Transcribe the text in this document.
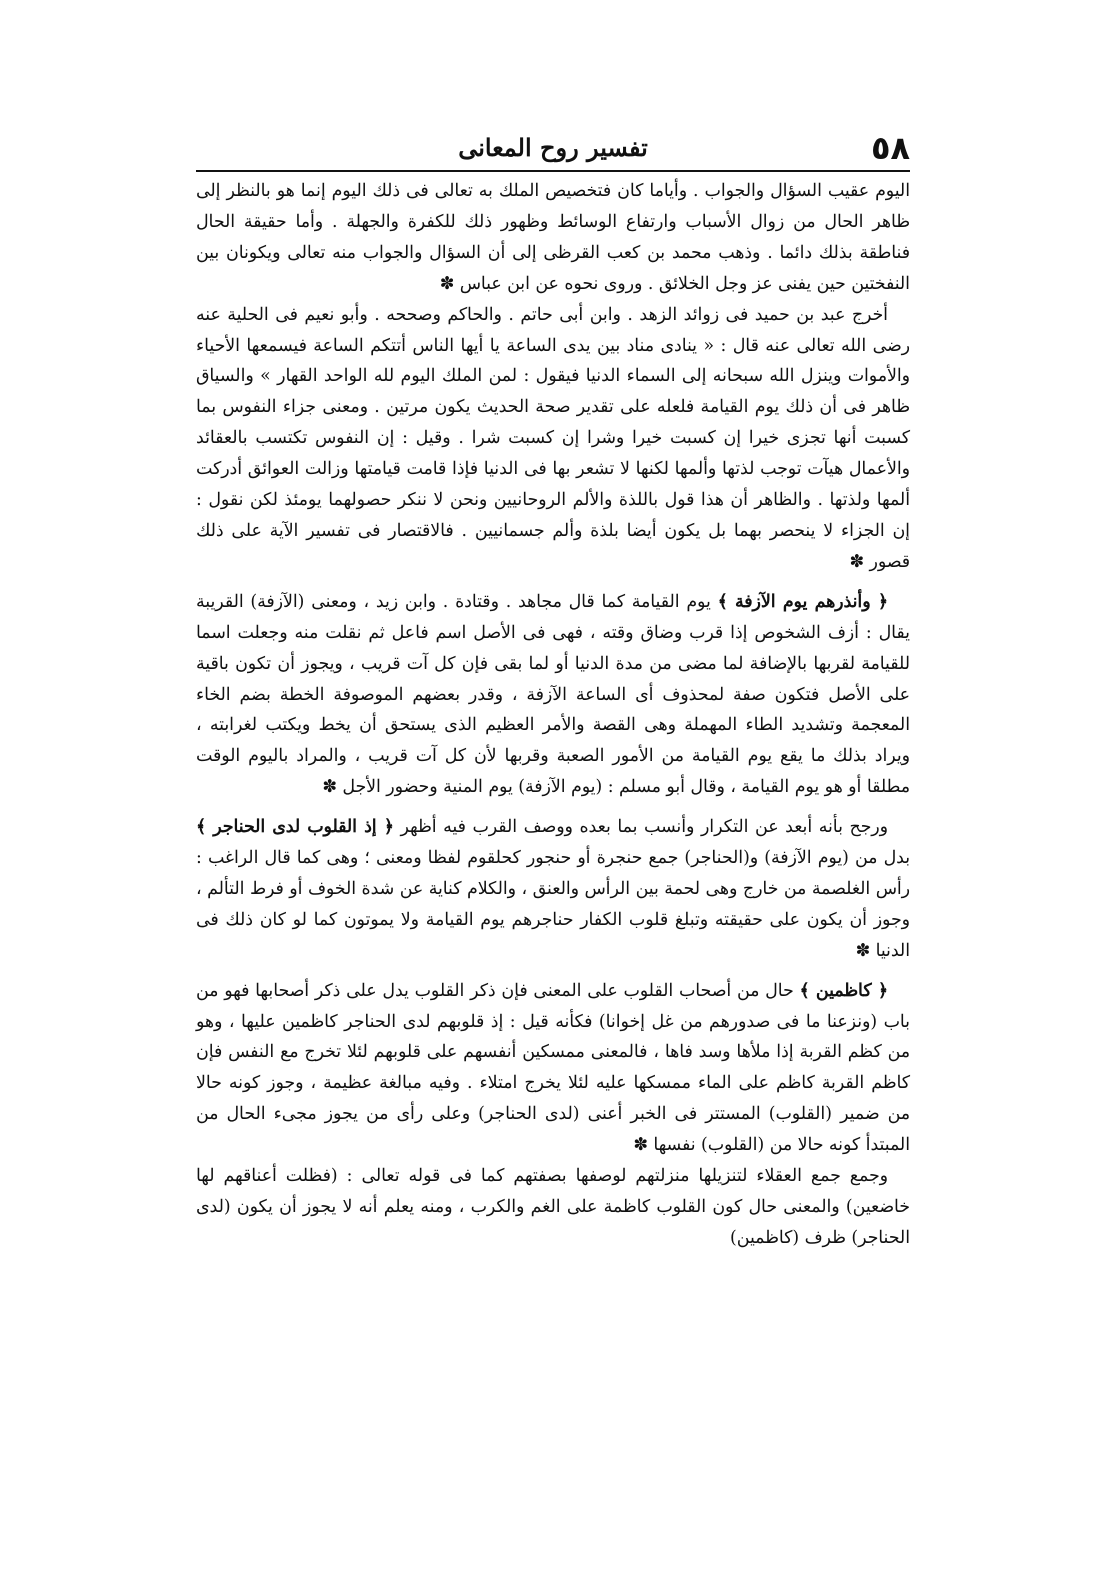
٥٨
تفسير روح المعانى

اليوم عقيب السؤال والجواب . وأياما كان فتخصيص الملك به تعالى فى ذلك اليوم إنما هو بالنظر إلى ظاهر الحال من زوال الأسباب وارتفاع الوسائط وظهور ذلك للكفرة والجهلة . وأما حقيقة الحال فناطقة بذلك دائما . وذهب محمد بن كعب القرظى إلى أن السؤال والجواب منه تعالى ويكونان بين النفختين حين يفنى عز وجل الخلائق . وروى نحوه عن ابن عباس ✽

أخرج عبد بن حميد فى زوائد الزهد . وابن أبى حاتم . والحاكم وصححه . وأبو نعيم فى الحلية عنه رضى الله تعالى عنه قال : « ينادى مناد بين يدى الساعة يا أيها الناس أتتكم الساعة فيسمعها الأحياء والأموات وينزل الله سبحانه إلى السماء الدنيا فيقول : لمن الملك اليوم لله الواحد القهار » والسياق ظاهر فى أن ذلك يوم القيامة فلعله على تقدير صحة الحديث يكون مرتين . ومعنى جزاء النفوس بما كسبت أنها تجزى خيرا إن كسبت خيرا وشرا إن كسبت شرا . وقيل : إن النفوس تكتسب بالعقائد والأعمال هيآت توجب لذتها وألمها لكنها لا تشعر بها فى الدنيا فإذا قامت قيامتها وزالت العوائق أدركت ألمها ولذتها . والظاهر أن هذا قول باللذة والألم الروحانيين ونحن لا ننكر حصولهما يومئذ لكن نقول : إن الجزاء لا ينحصر بهما بل يكون أيضا بلذة وألم جسمانيين . فالاقتصار فى تفسير الآية على ذلك قصور ✽

﴿ وأنذرهم يوم الآزفة ﴾ يوم القيامة كما قال مجاهد . وقتادة . وابن زيد ، ومعنى (الآزفة) القريبة يقال : أزف الشخوص إذا قرب وضاق وقته ، فهى فى الأصل اسم فاعل ثم نقلت منه وجعلت اسما للقيامة لقربها بالإضافة لما مضى من مدة الدنيا أو لما بقى فإن كل آت قريب ، ويجوز أن تكون باقية على الأصل فتكون صفة لمحذوف أى الساعة الآزفة ، وقدر بعضهم الموصوفة الخطة بضم الخاء المعجمة وتشديد الطاء المهملة وهى القصة والأمر العظيم الذى يستحق أن يخط ويكتب لغرابته ، ويراد بذلك ما يقع يوم القيامة من الأمور الصعبة وقربها لأن كل آت قريب ، والمراد باليوم الوقت مطلقا أو هو يوم القيامة ، وقال أبو مسلم : (يوم الآزفة) يوم المنية وحضور الأجل ✽

ورجح بأنه أبعد عن التكرار وأنسب بما بعده ووصف القرب فيه أظهر ﴿ إذ القلوب لدى الحناجر ﴾ بدل من (يوم الآزفة) و(الحناجر) جمع حنجرة أو حنجور كحلقوم لفظا ومعنى ؛ وهى كما قال الراغب : رأس الغلصمة من خارج وهى لحمة بين الرأس والعنق ، والكلام كناية عن شدة الخوف أو فرط التألم ، وجوز أن يكون على حقيقته وتبلغ قلوب الكفار حناجرهم يوم القيامة ولا يموتون كما لو كان ذلك فى الدنيا ✽

﴿ كاظمين ﴾ حال من أصحاب القلوب على المعنى فإن ذكر القلوب يدل على ذكر أصحابها فهو من باب (ونزعنا ما فى صدورهم من غل إخوانا) فكأنه قيل : إذ قلوبهم لدى الحناجر كاظمين عليها ، وهو من كظم القربة إذا ملأها وسد فاها ، فالمعنى ممسكين أنفسهم على قلوبهم لئلا تخرج مع النفس فإن كاظم القربة كاظم على الماء ممسكها عليه لئلا يخرج امتلاء . وفيه مبالغة عظيمة ، وجوز كونه حالا من ضمير (القلوب) المستتر فى الخبر أعنى (لدى الحناجر) وعلى رأى من يجوز مجىء الحال من المبتدأ كونه حالا من (القلوب) نفسها ✽

وجمع جمع العقلاء لتنزيلها منزلتهم لوصفها بصفتهم كما فى قوله تعالى : (فظلت أعناقهم لها خاضعين) والمعنى حال كون القلوب كاظمة على الغم والكرب ، ومنه يعلم أنه لا يجوز أن يكون (لدى الحناجر) ظرف (كاظمين)
